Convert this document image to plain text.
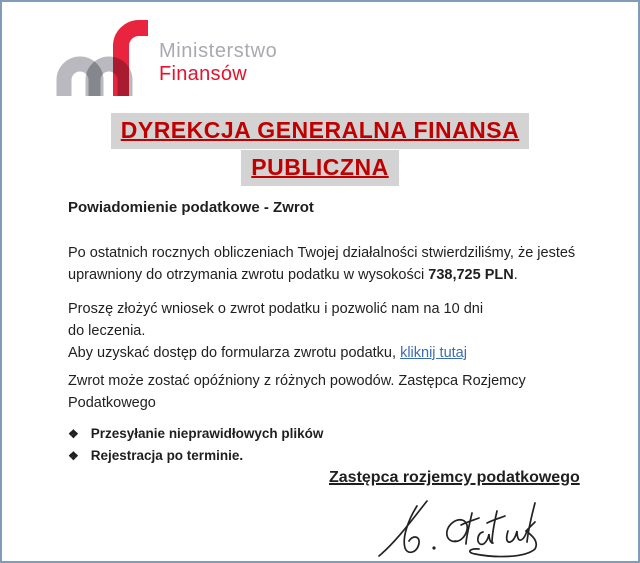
Ministerstwo
Finansów
DYREKCJA GENERALNA FINANSA
PUBLICZNA
Powiadomienie podatkowe - Zwrot
Po ostatnich rocznych obliczeniach Twojej działalności stwierdziliśmy, że jesteś
uprawniony do otrzymania zwrotu podatku w wysokości 738,725 PLN.
Proszę złożyć wniosek o zwrot podatku i pozwolić nam na 10 dni
do leczenia.
Aby uzyskać dostęp do formularza zwrotu podatku, kliknij tutaj
Zwrot może zostać opóźniony z różnych powodów. Zastępca Rozjemcy
Podatkowego
❖ Przesyłanie nieprawidłowych plików
❖ Rejestracja po terminie.
Zastępca rozjemcy podatkowego
